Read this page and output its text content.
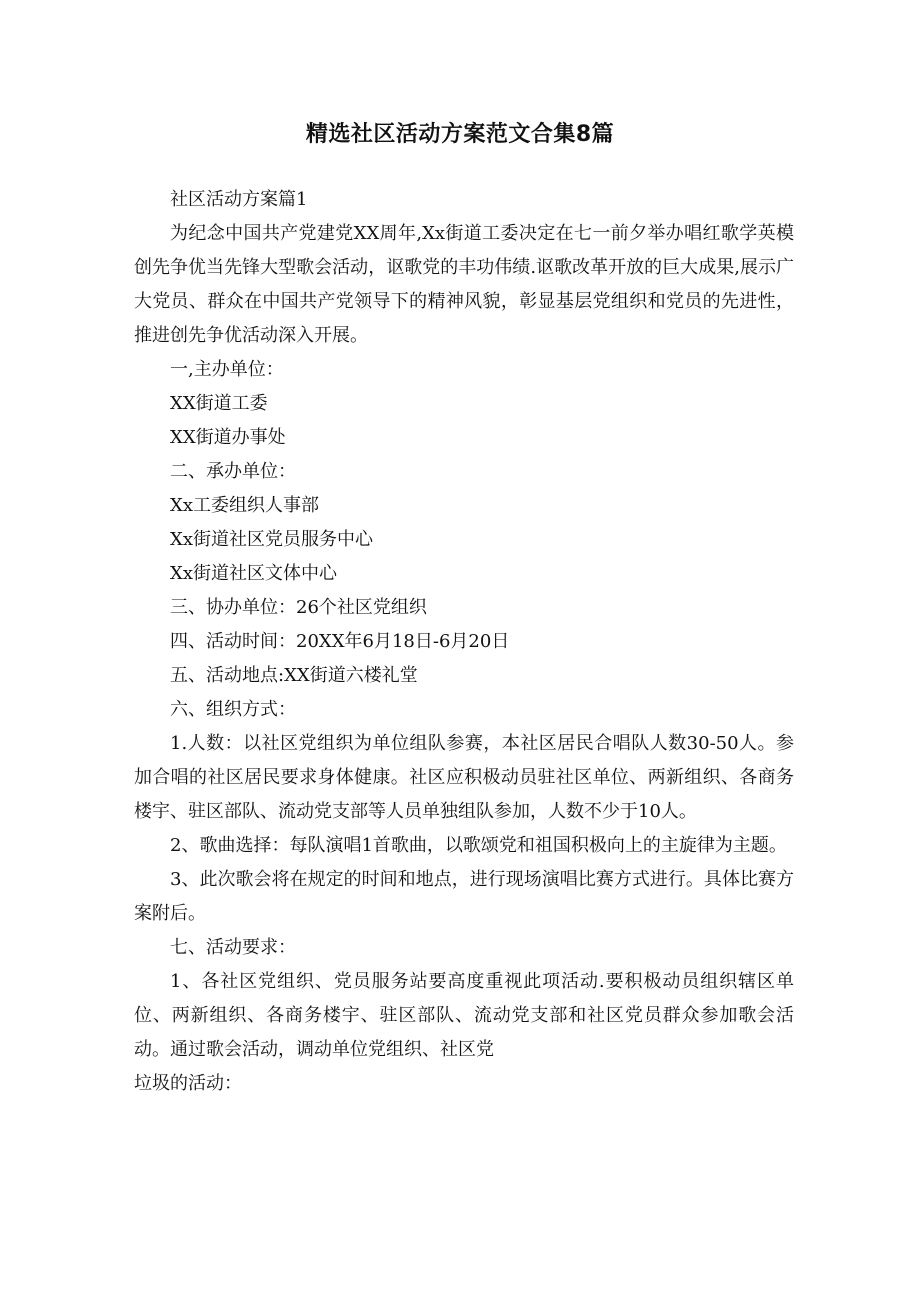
精选社区活动方案范文合集8篇

社区活动方案篇1

为纪念中国共产党建党XX周年,Xx街道工委决定在七一前夕举办唱红歌学英模创先争优当先锋大型歌会活动，讴歌党的丰功伟绩.讴歌改革开放的巨大成果,展示广大党员、群众在中国共产党领导下的精神风貌，彰显基层党组织和党员的先进性，推进创先争优活动深入开展。

一,主办单位：

XX街道工委

XX街道办事处

二、承办单位：

Xx工委组织人事部

Xx街道社区党员服务中心

Xx街道社区文体中心

三、协办单位：26个社区党组织

四、活动时间：20XX年6月18日-6月20日

五、活动地点:XX街道六楼礼堂

六、组织方式：

1.人数：以社区党组织为单位组队参赛，本社区居民合唱队人数30-50人。参加合唱的社区居民要求身体健康。社区应积极动员驻社区单位、两新组织、各商务楼宇、驻区部队、流动党支部等人员单独组队参加，人数不少于10人。

2、歌曲选择：每队演唱1首歌曲，以歌颂党和祖国积极向上的主旋律为主题。

3、此次歌会将在规定的时间和地点，进行现场演唱比赛方式进行。具体比赛方案附后。

七、活动要求：

1、各社区党组织、党员服务站要高度重视此项活动.要积极动员组织辖区单位、两新组织、各商务楼宇、驻区部队、流动党支部和社区党员群众参加歌会活动。通过歌会活动，调动单位党组织、社区党

垃圾的活动：
